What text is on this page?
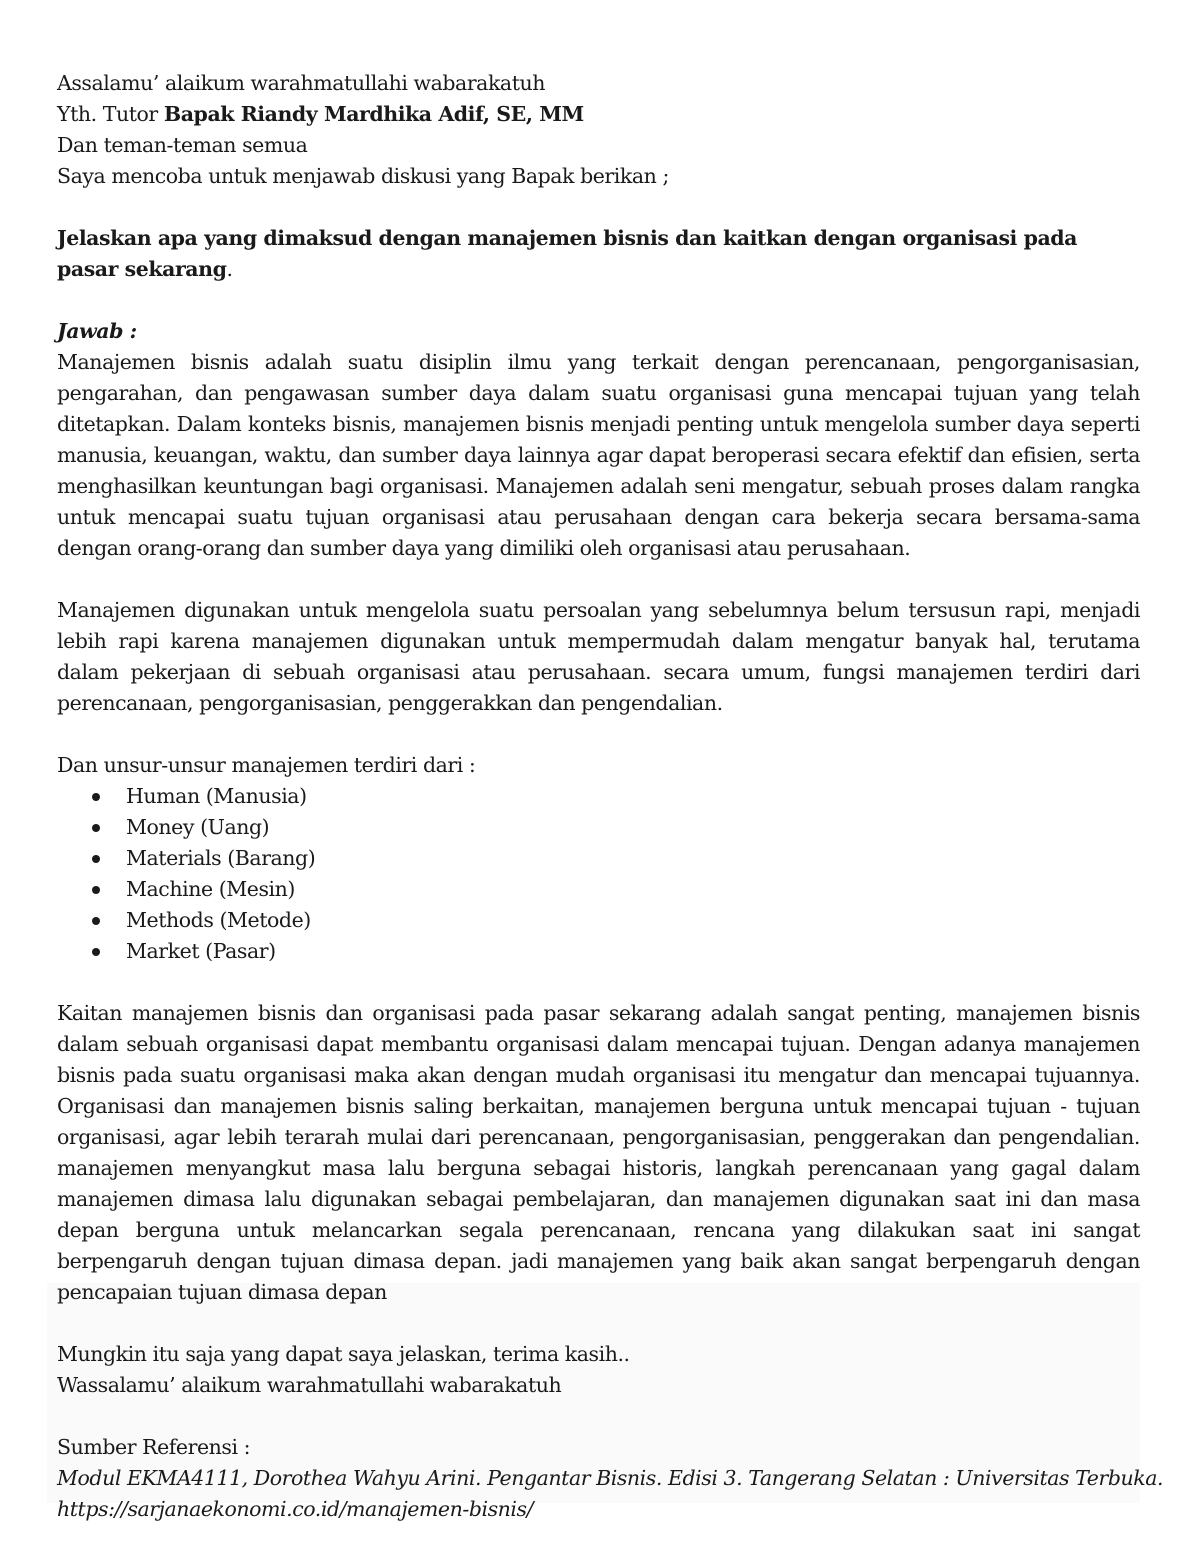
Assalamu’ alaikum warahmatullahi wabarakatuh
Yth. Tutor Bapak Riandy Mardhika Adif, SE, MM
Dan teman-teman semua
Saya mencoba untuk menjawab diskusi yang Bapak berikan ;
Jelaskan apa yang dimaksud dengan manajemen bisnis dan kaitkan dengan organisasi pada pasar sekarang.
Jawab :
Manajemen bisnis adalah suatu disiplin ilmu yang terkait dengan perencanaan, pengorganisasian, pengarahan, dan pengawasan sumber daya dalam suatu organisasi guna mencapai tujuan yang telah ditetapkan. Dalam konteks bisnis, manajemen bisnis menjadi penting untuk mengelola sumber daya seperti manusia, keuangan, waktu, dan sumber daya lainnya agar dapat beroperasi secara efektif dan efisien, serta menghasilkan keuntungan bagi organisasi. Manajemen adalah seni mengatur, sebuah proses dalam rangka untuk mencapai suatu tujuan organisasi atau perusahaan dengan cara bekerja secara bersama-sama dengan orang-orang dan sumber daya yang dimiliki oleh organisasi atau perusahaan.
Manajemen digunakan untuk mengelola suatu persoalan yang sebelumnya belum tersusun rapi, menjadi lebih rapi karena manajemen digunakan untuk mempermudah dalam mengatur banyak hal, terutama dalam pekerjaan di sebuah organisasi atau perusahaan. secara umum, fungsi manajemen terdiri dari perencanaan, pengorganisasian, penggerakkan dan pengendalian.
Dan unsur-unsur manajemen terdiri dari :
Human (Manusia)
Money (Uang)
Materials (Barang)
Machine (Mesin)
Methods (Metode)
Market (Pasar)
Kaitan manajemen bisnis dan organisasi pada pasar sekarang adalah sangat penting, manajemen bisnis dalam sebuah organisasi dapat membantu organisasi dalam mencapai tujuan. Dengan adanya manajemen bisnis pada suatu organisasi maka akan dengan mudah organisasi itu mengatur dan mencapai tujuannya. Organisasi dan manajemen bisnis saling berkaitan, manajemen berguna untuk mencapai tujuan - tujuan organisasi, agar lebih terarah mulai dari perencanaan, pengorganisasian, penggerakan dan pengendalian. manajemen menyangkut masa lalu berguna sebagai historis, langkah perencanaan yang gagal dalam manajemen dimasa lalu digunakan sebagai pembelajaran, dan manajemen digunakan saat ini dan masa depan berguna untuk melancarkan segala perencanaan, rencana yang dilakukan saat ini sangat berpengaruh dengan tujuan dimasa depan. jadi manajemen yang baik akan sangat berpengaruh dengan pencapaian tujuan dimasa depan
Mungkin itu saja yang dapat saya jelaskan, terima kasih..
Wassalamu’ alaikum warahmatullahi wabarakatuh
Sumber Referensi :
Modul EKMA4111, Dorothea Wahyu Arini. Pengantar Bisnis. Edisi 3. Tangerang Selatan : Universitas Terbuka.
https://sarjanaekonomi.co.id/manajemen-bisnis/
